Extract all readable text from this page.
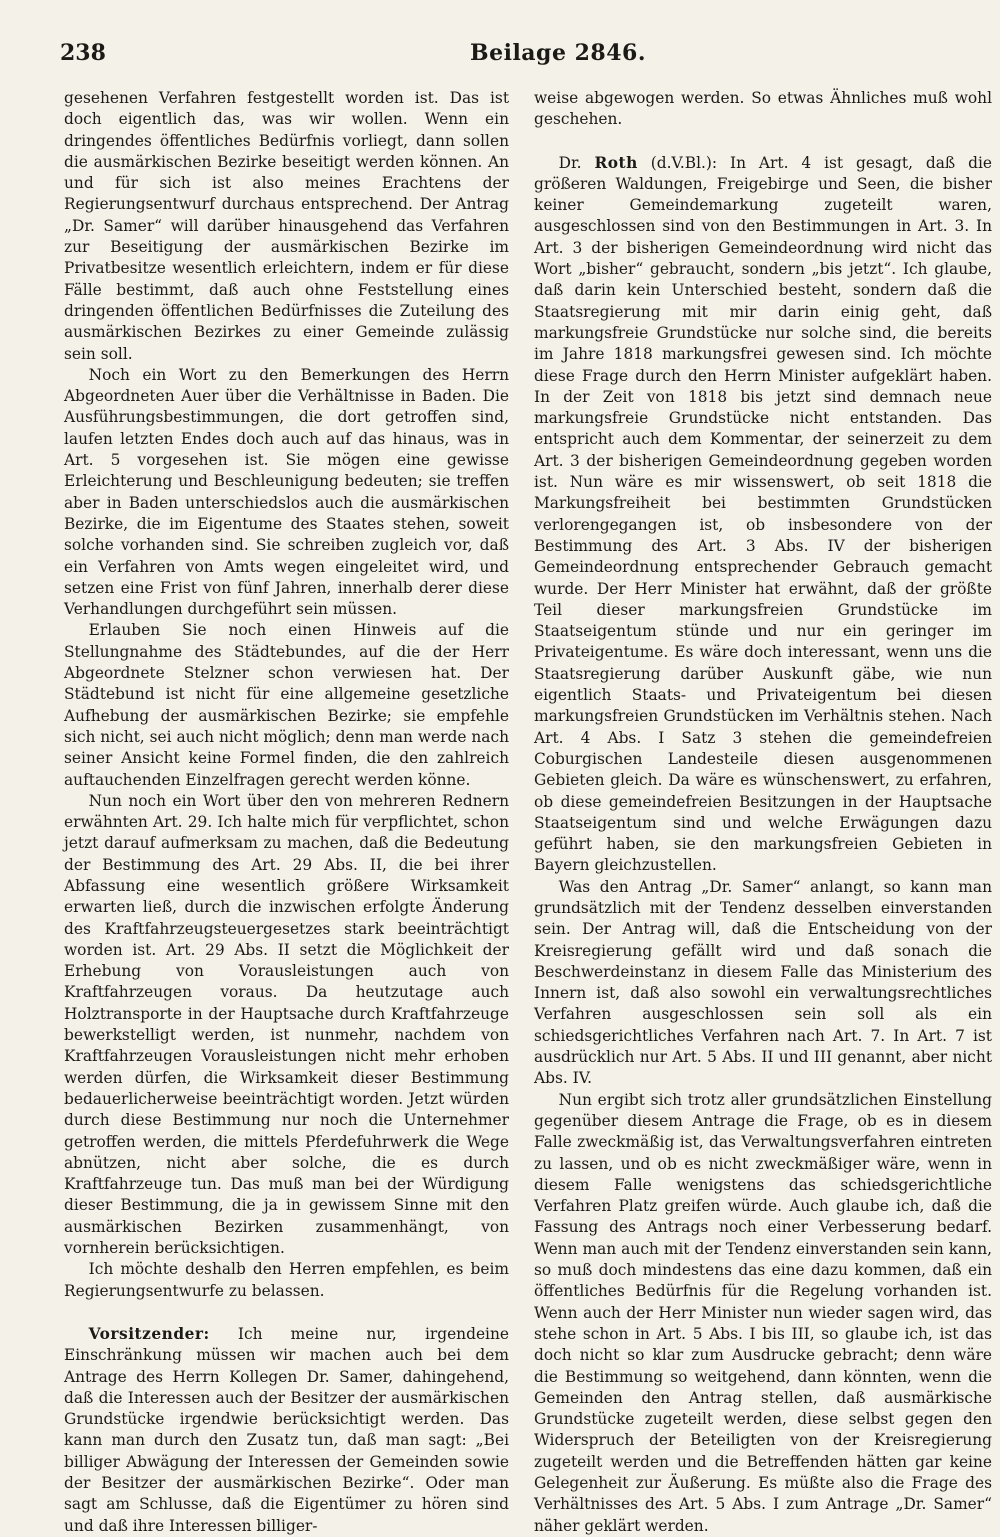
238	Beilage 2846.

gesehenen Verfahren festgestellt worden ist. Das ist doch eigentlich das, was wir wollen. Wenn ein dringendes öffentliches Bedürfnis vorliegt, dann sollen die ausmärkischen Bezirke beseitigt werden können. An und für sich ist also meines Erachtens der Regierungsentwurf durchaus entsprechend. Der Antrag „Dr. Samer“ will darüber hinausgehend das Verfahren zur Beseitigung der ausmärkischen Bezirke im Privatbesitze wesentlich erleichtern, indem er für diese Fälle bestimmt, daß auch ohne Feststellung eines dringenden öffentlichen Bedürfnisses die Zuteilung des ausmärkischen Bezirkes zu einer Gemeinde zulässig sein soll.

Noch ein Wort zu den Bemerkungen des Herrn Abgeordneten Auer über die Verhältnisse in Baden. Die Ausführungsbestimmungen, die dort getroffen sind, laufen letzten Endes doch auch auf das hinaus, was in Art. 5 vorgesehen ist. Sie mögen eine gewisse Erleichterung und Beschleunigung bedeuten; sie treffen aber in Baden unterschiedslos auch die ausmärkischen Bezirke, die im Eigentume des Staates stehen, soweit solche vorhanden sind. Sie schreiben zugleich vor, daß ein Verfahren von Amts wegen eingeleitet wird, und setzen eine Frist von fünf Jahren, innerhalb derer diese Verhandlungen durchgeführt sein müssen.

Erlauben Sie noch einen Hinweis auf die Stellungnahme des Städtebundes, auf die der Herr Abgeordnete Stelzner schon verwiesen hat. Der Städtebund ist nicht für eine allgemeine gesetzliche Aufhebung der ausmärkischen Bezirke; sie empfehle sich nicht, sei auch nicht möglich; denn man werde nach seiner Ansicht keine Formel finden, die den zahlreich auftauchenden Einzelfragen gerecht werden könne.

Nun noch ein Wort über den von mehreren Rednern erwähnten Art. 29. Ich halte mich für verpflichtet, schon jetzt darauf aufmerksam zu machen, daß die Bedeutung der Bestimmung des Art. 29 Abs. II, die bei ihrer Abfassung eine wesentlich größere Wirksamkeit erwarten ließ, durch die inzwischen erfolgte Änderung des Kraftfahrzeugsteuergesetzes stark beeinträchtigt worden ist. Art. 29 Abs. II setzt die Möglichkeit der Erhebung von Vorausleistungen auch von Kraftfahrzeugen voraus. Da heutzutage auch Holztransporte in der Hauptsache durch Kraftfahrzeuge bewerkstelligt werden, ist nunmehr, nachdem von Kraftfahrzeugen Vorausleistungen nicht mehr erhoben werden dürfen, die Wirksamkeit dieser Bestimmung bedauerlicherweise beeinträchtigt worden. Jetzt würden durch diese Bestimmung nur noch die Unternehmer getroffen werden, die mittels Pferdefuhrwerk die Wege abnützen, nicht aber solche, die es durch Kraftfahrzeuge tun. Das muß man bei der Würdigung dieser Bestimmung, die ja in gewissem Sinne mit den ausmärkischen Bezirken zusammenhängt, von vornherein berücksichtigen.

Ich möchte deshalb den Herren empfehlen, es beim Regierungsentwurfe zu belassen.

Vorsitzender: Ich meine nur, irgendeine Einschränkung müssen wir machen auch bei dem Antrage des Herrn Kollegen Dr. Samer, dahingehend, daß die Interessen auch der Besitzer der ausmärkischen Grundstücke irgendwie berücksichtigt werden. Das kann man durch den Zusatz tun, daß man sagt: „Bei billiger Abwägung der Interessen der Gemeinden sowie der Besitzer der ausmärkischen Bezirke“. Oder man sagt am Schlusse, daß die Eigentümer zu hören sind und daß ihre Interessen billiger-

weise abgewogen werden. So etwas Ähnliches muß wohl geschehen.

Dr. Roth (d.V.Bl.): In Art. 4 ist gesagt, daß die größeren Waldungen, Freigebirge und Seen, die bisher keiner Gemeindemarkung zugeteilt waren, ausgeschlossen sind von den Bestimmungen in Art. 3. In Art. 3 der bisherigen Gemeindeordnung wird nicht das Wort „bisher“ gebraucht, sondern „bis jetzt“. Ich glaube, daß darin kein Unterschied besteht, sondern daß die Staatsregierung mit mir darin einig geht, daß markungsfreie Grundstücke nur solche sind, die bereits im Jahre 1818 markungsfrei gewesen sind. Ich möchte diese Frage durch den Herrn Minister aufgeklärt haben. In der Zeit von 1818 bis jetzt sind demnach neue markungsfreie Grundstücke nicht entstanden. Das entspricht auch dem Kommentar, der seinerzeit zu dem Art. 3 der bisherigen Gemeindeordnung gegeben worden ist. Nun wäre es mir wissenswert, ob seit 1818 die Markungsfreiheit bei bestimmten Grundstücken verlorengegangen ist, ob insbesondere von der Bestimmung des Art. 3 Abs. IV der bisherigen Gemeindeordnung entsprechender Gebrauch gemacht wurde. Der Herr Minister hat erwähnt, daß der größte Teil dieser markungsfreien Grundstücke im Staatseigentum stünde und nur ein geringer im Privateigentume. Es wäre doch interessant, wenn uns die Staatsregierung darüber Auskunft gäbe, wie nun eigentlich Staats- und Privateigentum bei diesen markungsfreien Grundstücken im Verhältnis stehen. Nach Art. 4 Abs. I Satz 3 stehen die gemeindefreien Coburgischen Landesteile diesen ausgenommenen Gebieten gleich. Da wäre es wünschenswert, zu erfahren, ob diese gemeindefreien Besitzungen in der Hauptsache Staatseigentum sind und welche Erwägungen dazu geführt haben, sie den markungsfreien Gebieten in Bayern gleichzustellen.

Was den Antrag „Dr. Samer“ anlangt, so kann man grundsätzlich mit der Tendenz desselben einverstanden sein. Der Antrag will, daß die Entscheidung von der Kreisregierung gefällt wird und daß sonach die Beschwerdeinstanz in diesem Falle das Ministerium des Innern ist, daß also sowohl ein verwaltungsrechtliches Verfahren ausgeschlossen sein soll als ein schiedsgerichtliches Verfahren nach Art. 7. In Art. 7 ist ausdrücklich nur Art. 5 Abs. II und III genannt, aber nicht Abs. IV.

Nun ergibt sich trotz aller grundsätzlichen Einstellung gegenüber diesem Antrage die Frage, ob es in diesem Falle zweckmäßig ist, das Verwaltungsverfahren eintreten zu lassen, und ob es nicht zweckmäßiger wäre, wenn in diesem Falle wenigstens das schiedsgerichtliche Verfahren Platz greifen würde. Auch glaube ich, daß die Fassung des Antrags noch einer Verbesserung bedarf. Wenn man auch mit der Tendenz einverstanden sein kann, so muß doch mindestens das eine dazu kommen, daß ein öffentliches Bedürfnis für die Regelung vorhanden ist. Wenn auch der Herr Minister nun wieder sagen wird, das stehe schon in Art. 5 Abs. I bis III, so glaube ich, ist das doch nicht so klar zum Ausdrucke gebracht; denn wäre die Bestimmung so weitgehend, dann könnten, wenn die Gemeinden den Antrag stellen, daß ausmärkische Grundstücke zugeteilt werden, diese selbst gegen den Widerspruch der Beteiligten von der Kreisregierung zugeteilt werden und die Betreffenden hätten gar keine Gelegenheit zur Äußerung. Es müßte also die Frage des Verhältnisses des Art. 5 Abs. I zum Antrage „Dr. Samer“ näher geklärt werden.
